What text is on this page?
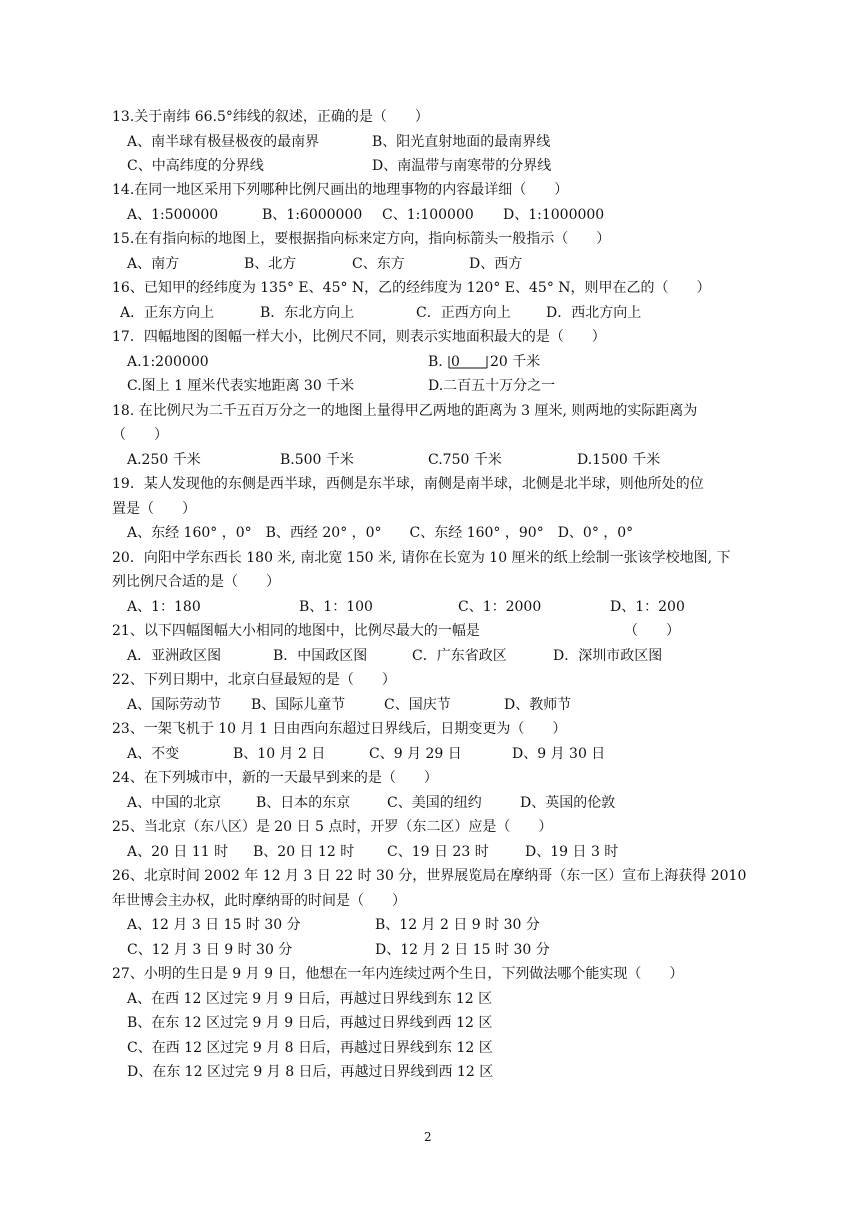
13.关于南纬 66.5°纬线的叙述，正确的是（　　）
A、南半球有极昼极夜的最南界	B、阳光直射地面的最南界线
C、中高纬度的分界线	D、南温带与南寒带的分界线
14.在同一地区采用下列哪种比例尺画出的地理事物的内容最详细（　　）
A、1:500000	B、1:6000000 C、1:100000 D、1:1000000
15.在有指向标的地图上，要根据指向标来定方向，指向标箭头一般指示（　　）
A、南方	B、北方	C、东方	D、西方
16、已知甲的经纬度为 135° E、45° N，乙的经纬度为 120° E、45° N，则甲在乙的（　　）
A．正东方向上	B．东北方向上	C．正西方向上	D．西北方向上
17．四幅地图的图幅一样大小，比例尺不同，则表示实地面积最大的是（　　）
A.1:200000	B. 0 20 千米
C.图上 1 厘米代表实地距离 30 千米	D.二百五十万分之一
18. 在比例尺为二千五百万分之一的地图上量得甲乙两地的距离为 3 厘米, 则两地的实际距离为
（　　）
A.250 千米	B.500 千米	C.750 千米	D.1500 千米
19．某人发现他的东侧是西半球，西侧是东半球，南侧是南半球，北侧是北半球，则他所处的位
置是（　　）
A、东经 160° ，0°　B、西经 20° ，0°　　C、东经 160° ，90°　D、0° ，0°
20．向阳中学东西长 180 米, 南北宽 150 米, 请你在长宽为 10 厘米的纸上绘制一张该学校地图, 下
列比例尺合适的是（　　）
A、1：180	B、1：100	C、1：2000	D、1：200
21、以下四幅图幅大小相同的地图中，比例尽最大的一幅是	（　　）
A．亚洲政区图	B．中国政区图	C．广东省政区	D．深圳市政区图
22、下列日期中，北京白昼最短的是（　　）
A、国际劳动节 B、国际儿童节	C、国庆节	D、教师节
23、一架飞机于 10 月 1 日由西向东超过日界线后，日期变更为（　　）
A、不变	B、10 月 2 日	C、9 月 29 日	D、9 月 30 日
24、在下列城市中，新的一天最早到来的是（　　）
A、中国的北京 B、日本的东京	C、美国的纽约	D、英国的伦敦
25、当北京（东八区）是 20 日 5 点时，开罗（东二区）应是（　　）
A、20 日 11 时 B、20 日 12 时 C、19 日 23 时	D、19 日 3 时
26、北京时间 2002 年 12 月 3 日 22 时 30 分，世界展览局在摩纳哥（东一区）宣布上海获得 2010
年世博会主办权，此时摩纳哥的时间是（　　）
A、12 月 3 日 15 时 30 分	B、12 月 2 日 9 时 30 分
C、12 月 3 日 9 时 30 分	D、12 月 2 日 15 时 30 分
27、小明的生日是 9 月 9 日，他想在一年内连续过两个生日，下列做法哪个能实现（　　）
A、在西 12 区过完 9 月 9 日后，再越过日界线到东 12 区
B、在东 12 区过完 9 月 9 日后，再越过日界线到西 12 区
C、在西 12 区过完 9 月 8 日后，再越过日界线到东 12 区
D、在东 12 区过完 9 月 8 日后，再越过日界线到西 12 区
2
